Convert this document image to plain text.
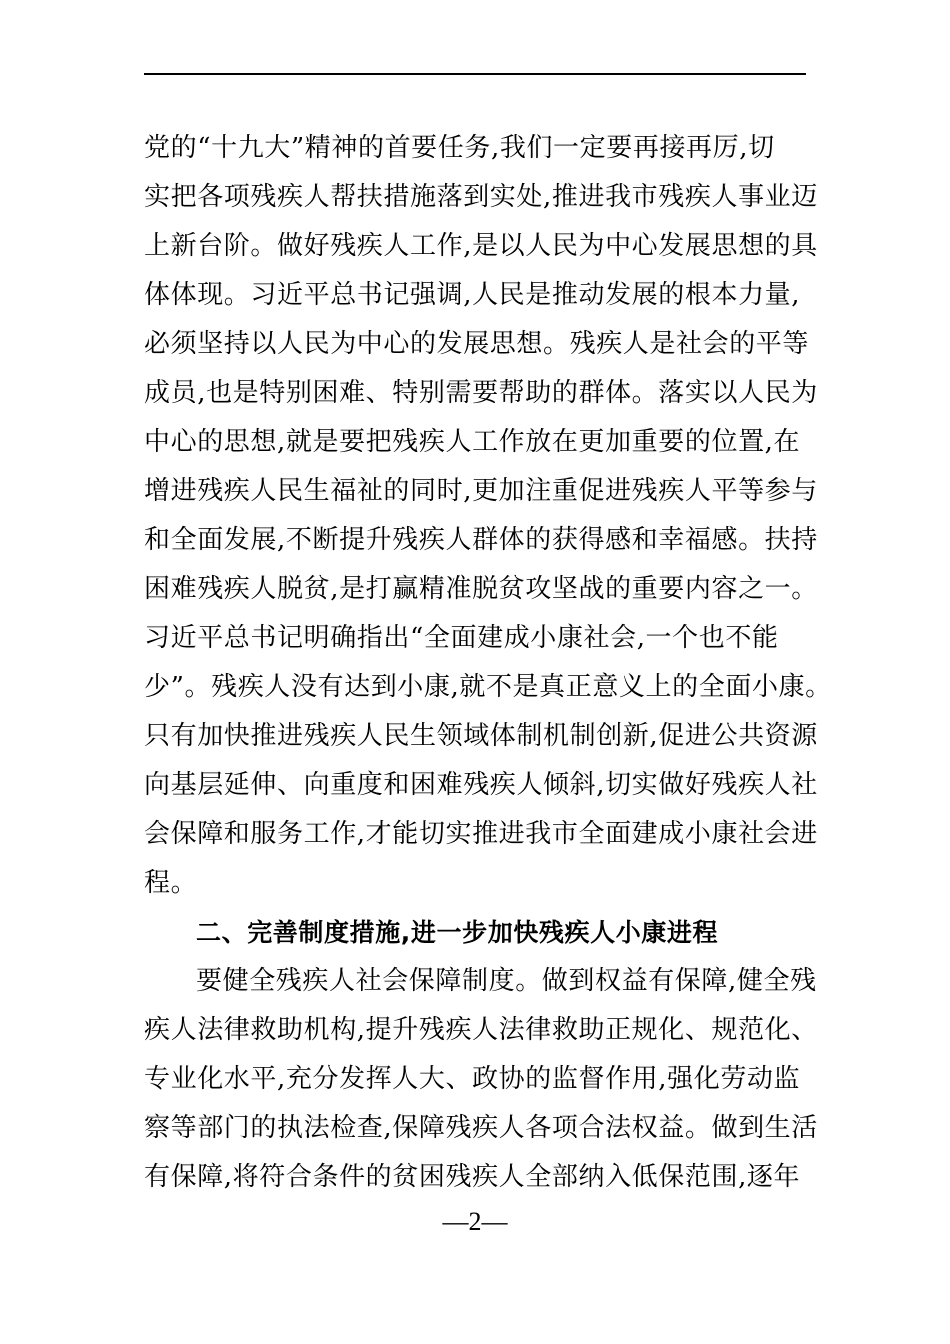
党的“十九大”精神的首要任务,我们一定要再接再厉,切
实把各项残疾人帮扶措施落到实处,推进我市残疾人事业迈
上新台阶。做好残疾人工作,是以人民为中心发展思想的具
体体现。习近平总书记强调,人民是推动发展的根本力量,
必须坚持以人民为中心的发展思想。残疾人是社会的平等
成员,也是特别困难、特别需要帮助的群体。落实以人民为
中心的思想,就是要把残疾人工作放在更加重要的位置,在
增进残疾人民生福祉的同时,更加注重促进残疾人平等参与
和全面发展,不断提升残疾人群体的获得感和幸福感。扶持
困难残疾人脱贫,是打赢精准脱贫攻坚战的重要内容之一。
习近平总书记明确指出“全面建成小康社会,一个也不能
少”。残疾人没有达到小康,就不是真正意义上的全面小康。
只有加快推进残疾人民生领域体制机制创新,促进公共资源
向基层延伸、向重度和困难残疾人倾斜,切实做好残疾人社
会保障和服务工作,才能切实推进我市全面建成小康社会进
程。
二、完善制度措施,进一步加快残疾人小康进程
要健全残疾人社会保障制度。做到权益有保障,健全残
疾人法律救助机构,提升残疾人法律救助正规化、规范化、
专业化水平,充分发挥人大、政协的监督作用,强化劳动监
察等部门的执法检查,保障残疾人各项合法权益。做到生活
有保障,将符合条件的贫困残疾人全部纳入低保范围,逐年
—2—
